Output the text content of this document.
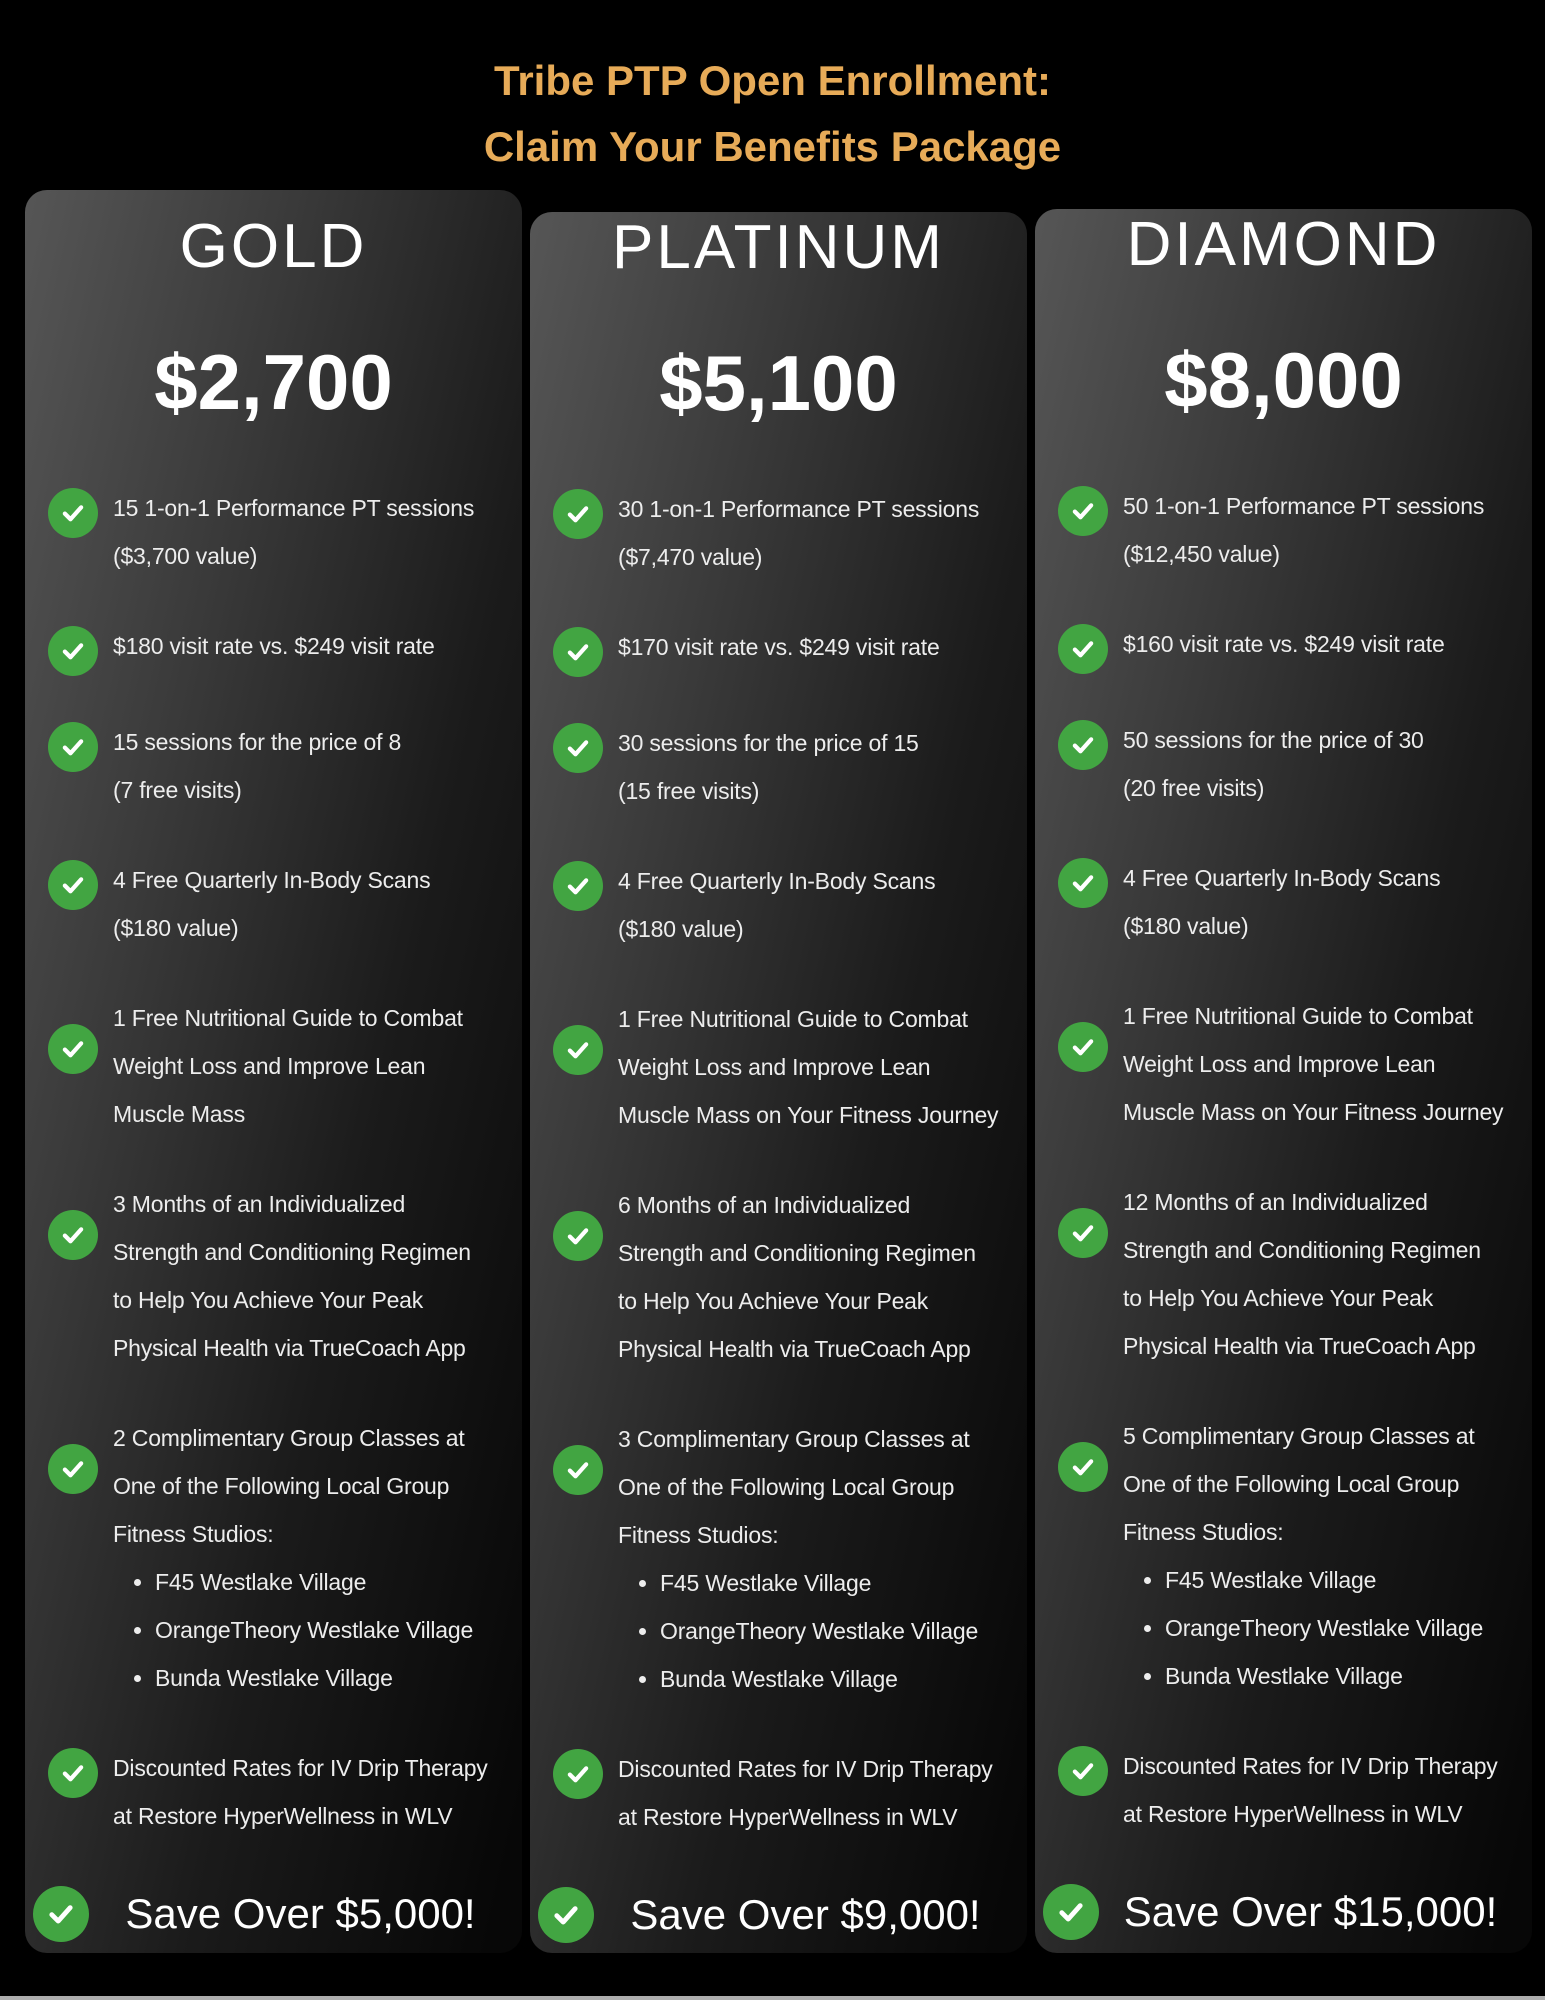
Tribe PTP Open Enrollment:
Claim Your Benefits Package
GOLD
$2,700
15 1-on-1 Performance PT sessions
($3,700 value)
$180 visit rate vs. $249 visit rate
15 sessions for the price of 8
(7 free visits)
4 Free Quarterly In-Body Scans
($180 value)
1 Free Nutritional Guide to Combat
Weight Loss and Improve Lean
Muscle Mass
3 Months of an Individualized
Strength and Conditioning Regimen
to Help You Achieve Your Peak
Physical Health via TrueCoach App
2 Complimentary Group Classes at
One of the Following Local Group
Fitness Studios:
• F45 Westlake Village
• OrangeTheory Westlake Village
• Bunda Westlake Village
Discounted Rates for IV Drip Therapy
at Restore HyperWellness in WLV
Save Over $5,000!
PLATINUM
$5,100
30 1-on-1 Performance PT sessions
($7,470 value)
$170 visit rate vs. $249 visit rate
30 sessions for the price of 15
(15 free visits)
4 Free Quarterly In-Body Scans
($180 value)
1 Free Nutritional Guide to Combat
Weight Loss and Improve Lean
Muscle Mass on Your Fitness Journey
6 Months of an Individualized
Strength and Conditioning Regimen
to Help You Achieve Your Peak
Physical Health via TrueCoach App
3 Complimentary Group Classes at
One of the Following Local Group
Fitness Studios:
• F45 Westlake Village
• OrangeTheory Westlake Village
• Bunda Westlake Village
Discounted Rates for IV Drip Therapy
at Restore HyperWellness in WLV
Save Over $9,000!
DIAMOND
$8,000
50 1-on-1 Performance PT sessions
($12,450 value)
$160 visit rate vs. $249 visit rate
50 sessions for the price of 30
(20 free visits)
4 Free Quarterly In-Body Scans
($180 value)
1 Free Nutritional Guide to Combat
Weight Loss and Improve Lean
Muscle Mass on Your Fitness Journey
12 Months of an Individualized
Strength and Conditioning Regimen
to Help You Achieve Your Peak
Physical Health via TrueCoach App
5 Complimentary Group Classes at
One of the Following Local Group
Fitness Studios:
• F45 Westlake Village
• OrangeTheory Westlake Village
• Bunda Westlake Village
Discounted Rates for IV Drip Therapy
at Restore HyperWellness in WLV
Save Over $15,000!
